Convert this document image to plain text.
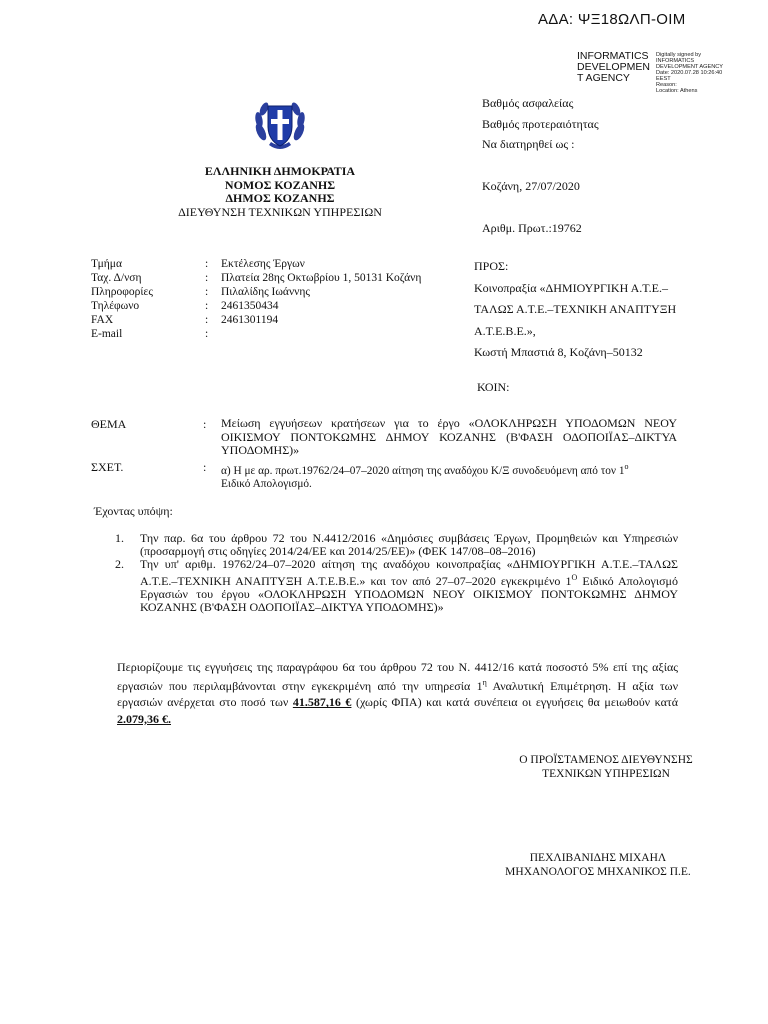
ΑΔΑ: ΨΞ18ΩΛΠ-ΟΙΜ
INFORMATICS DEVELOPMEN T AGENCY
Digitally signed by
INFORMATICS
DEVELOPMENT AGENCY
Date: 2020.07.28 10:26:40
EEST
Reason:
Location: Athens
ΕΛΛΗΝΙΚΗ ΔΗΜΟΚΡΑΤΙΑ
ΝΟΜΟΣ ΚΟΖΑΝΗΣ
ΔΗΜΟΣ ΚΟΖΑΝΗΣ
ΔΙΕΥΘΥΝΣΗ ΤΕΧΝΙΚΩΝ ΥΠΗΡΕΣΙΩΝ
Βαθμός ασφαλείας
Βαθμός προτεραιότητας
Να διατηρηθεί ως :
Κοζάνη, 27/07/2020
Αριθμ. Πρωτ.:19762
Τμήμα	: Εκτέλεσης Έργων
Ταχ. Δ/νση	: Πλατεία 28ης Οκτωβρίου 1, 50131 Κοζάνη
Πληροφορίες	: Πιλαλίδης Ιωάννης
Τηλέφωνο	: 2461350434
FAX	: 2461301194
E-mail	:
ΠΡΟΣ:
Κοινοπραξία «ΔΗΜΙΟΥΡΓΙΚΗ Α.Τ.Ε.–
ΤΑΛΩΣ Α.Τ.Ε.–ΤΕΧΝΙΚΗ ΑΝΑΠΤΥΞΗ
Α.Τ.Ε.Β.Ε.»,
Κωστή Μπαστιά 8, Κοζάνη–50132
ΚΟΙΝ:
ΘΕΜΑ	: Μείωση εγγυήσεων κρατήσεων για το έργο «ΟΛΟΚΛΗΡΩΣΗ ΥΠΟΔΟΜΩΝ ΝΕΟΥ ΟΙΚΙΣΜΟΥ ΠΟΝΤΟΚΩΜΗΣ ΔΗΜΟΥ ΚΟΖΑΝΗΣ (Β'ΦΑΣΗ ΟΔΟΠΟΙΪΑΣ–ΔΙΚΤΥΑ ΥΠΟΔΟΜΗΣ)»
ΣΧΕΤ.	: α) Η με αρ. πρωτ.19762/24–07–2020 αίτηση της αναδόχου Κ/Ξ συνοδευόμενη από τον $1^o$
Ειδικό Απολογισμό.
Έχοντας υπόψη:
1. Την παρ. 6α του άρθρου 72 του Ν.4412/2016 «Δημόσιες συμβάσεις Έργων, Προμηθειών και Υπηρεσιών (προσαρμογή στις οδηγίες 2014/24/ΕΕ και 2014/25/ΕΕ)» (ΦΕΚ 147/08–08–2016)
2. Την υπ' αριθμ. 19762/24–07–2020 αίτηση της αναδόχου κοινοπραξίας «ΔΗΜΙΟΥΡΓΙΚΗ Α.Τ.Ε.–ΤΑΛΩΣ Α.Τ.Ε.–ΤΕΧΝΙΚΗ ΑΝΑΠΤΥΞΗ Α.Τ.Ε.Β.Ε.» και τον από 27–07–2020 εγκεκριμένο $1^O$ Ειδικό Απολογισμό Εργασιών του έργου «ΟΛΟΚΛΗΡΩΣΗ ΥΠΟΔΟΜΩΝ ΝΕΟΥ ΟΙΚΙΣΜΟΥ ΠΟΝΤΟΚΩΜΗΣ ΔΗΜΟΥ ΚΟΖΑΝΗΣ (Β'ΦΑΣΗ ΟΔΟΠΟΙΪΑΣ–ΔΙΚΤΥΑ ΥΠΟΔΟΜΗΣ)»
Περιορίζουμε τις εγγυήσεις της παραγράφου 6α του άρθρου 72 του Ν. 4412/16 κατά ποσοστό 5% επί της αξίας εργασιών που περιλαμβάνονται στην εγκεκριμένη από την υπηρεσία $1^\eta$ Αναλυτική Επιμέτρηση. Η αξία των εργασιών ανέρχεται στο ποσό των 41.587,16 € (χωρίς ΦΠΑ) και κατά συνέπεια οι εγγυήσεις θα μειωθούν κατά 2.079,36 €.
Ο ΠΡΟΪΣΤΑΜΕΝΟΣ ΔΙΕΥΘΥΝΣΗΣ
ΤΕΧΝΙΚΩΝ ΥΠΗΡΕΣΙΩΝ
ΠΕΧΛΙΒΑΝΙΔΗΣ ΜΙΧΑΗΛ
ΜΗΧΑΝΟΛΟΓΟΣ ΜΗΧΑΝΙΚΟΣ Π.Ε.
